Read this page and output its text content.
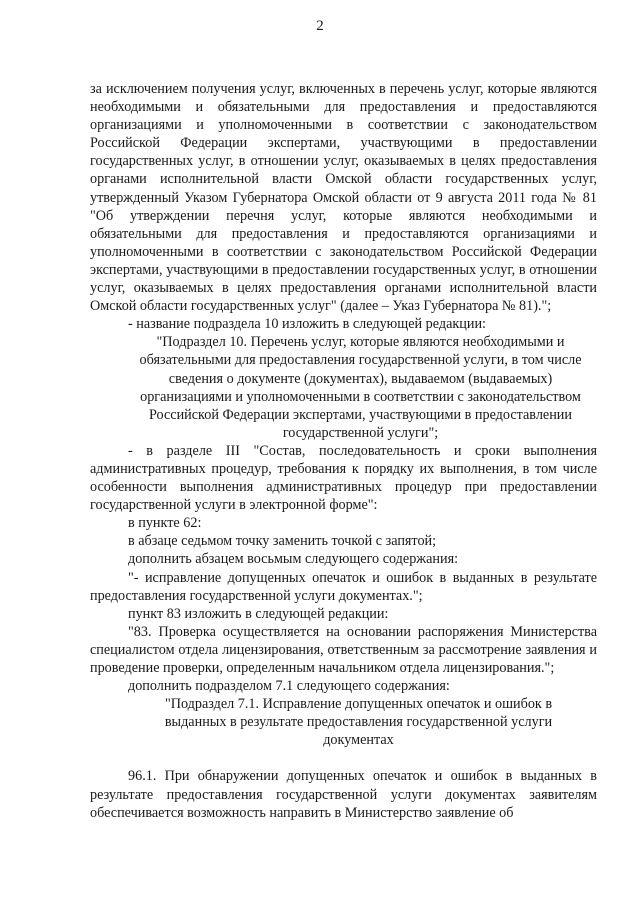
2

за исключением получения услуг, включенных в перечень услуг, которые являются необходимыми и обязательными для предоставления и предоставляются организациями и уполномоченными в соответствии с законодательством Российской Федерации экспертами, участвующими в предоставлении государственных услуг, в отношении услуг, оказываемых в целях предоставления органами исполнительной власти Омской области государственных услуг, утвержденный Указом Губернатора Омской области от 9 августа 2011 года № 81 "Об утверждении перечня услуг, которые являются необходимыми и обязательными для предоставления и предоставляются организациями и уполномоченными в соответствии с законодательством Российской Федерации экспертами, участвующими в предоставлении государственных услуг, в отношении услуг, оказываемых в целях предоставления органами исполнительной власти Омской области государственных услуг" (далее – Указ Губернатора № 81).";

- название подраздела 10 изложить в следующей редакции:

"Подраздел 10. Перечень услуг, которые являются необходимыми и обязательными для предоставления государственной услуги, в том числе сведения о документе (документах), выдаваемом (выдаваемых) организациями и уполномоченными в соответствии с законодательством Российской Федерации экспертами, участвующими в предоставлении государственной услуги";

- в разделе III "Состав, последовательность и сроки выполнения административных процедур, требования к порядку их выполнения, в том числе особенности выполнения административных процедур при предоставлении государственной услуги в электронной форме":

в пункте 62:

в абзаце седьмом точку заменить точкой с запятой;

дополнить абзацем восьмым следующего содержания:

"- исправление допущенных опечаток и ошибок в выданных в результате предоставления государственной услуги документах.";

пункт 83 изложить в следующей редакции:

"83. Проверка осуществляется на основании распоряжения Министерства специалистом отдела лицензирования, ответственным за рассмотрение заявления и проведение проверки, определенным начальником отдела лицензирования.";

дополнить подразделом 7.1 следующего содержания:

"Подраздел 7.1. Исправление допущенных опечаток и ошибок в выданных в результате предоставления государственной услуги документах

96.1. При обнаружении допущенных опечаток и ошибок в выданных в результате предоставления государственной услуги документах заявителям обеспечивается возможность направить в Министерство заявление об
